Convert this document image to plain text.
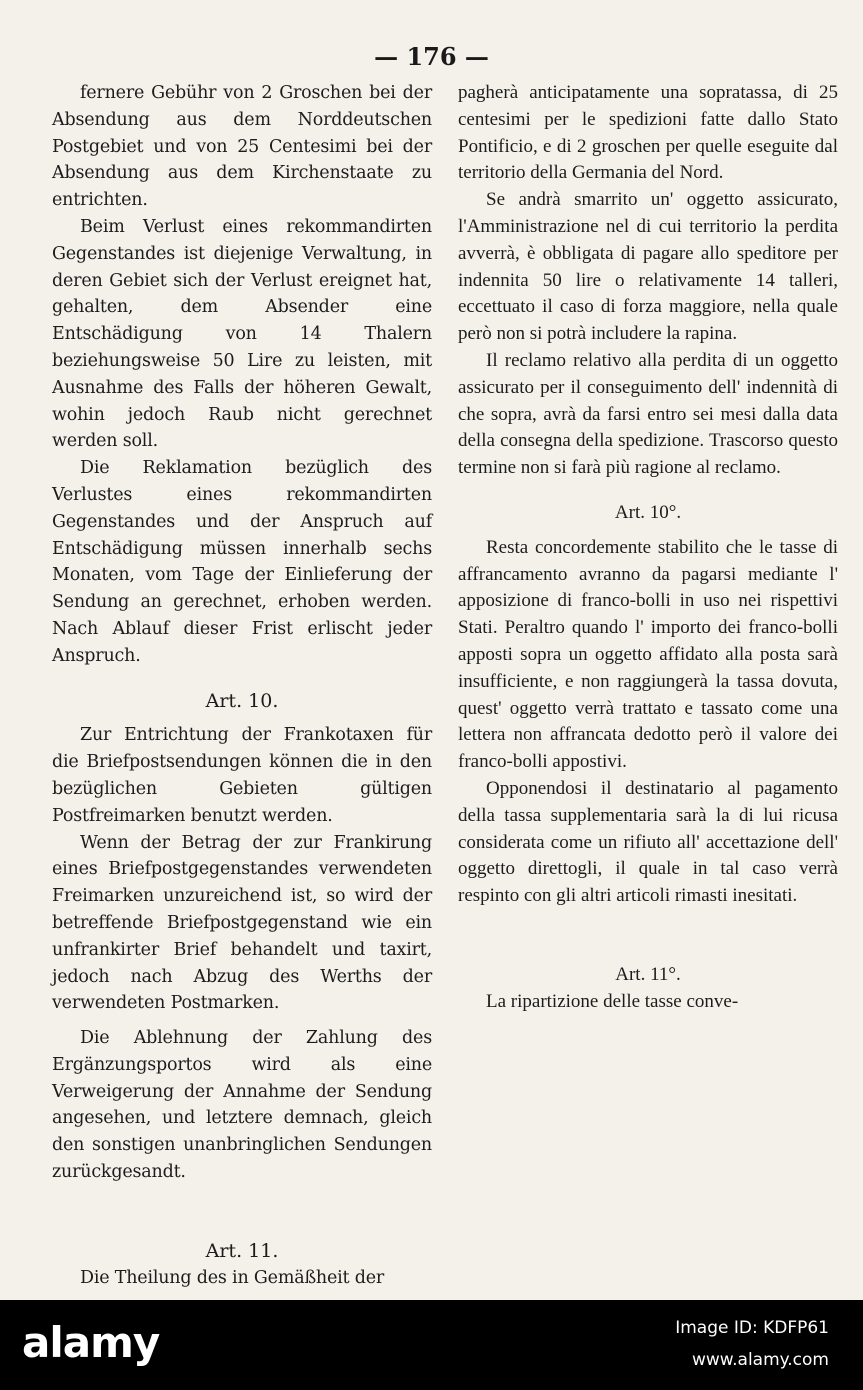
— 176 —

fernere Gebühr von 2 Groschen bei der Absendung aus dem Norddeutschen Postgebiet und von 25 Centesimi bei der Absendung aus dem Kirchenstaate zu entrichten.

Beim Verlust eines rekommandirten Gegenstandes ist diejenige Verwaltung, in deren Gebiet sich der Verlust ereignet hat, gehalten, dem Absender eine Entschädigung von 14 Thalern beziehungsweise 50 Lire zu leisten, mit Ausnahme des Falls der höheren Gewalt, wohin jedoch Raub nicht gerechnet werden soll.

Die Reklamation bezüglich des Verlustes eines rekommandirten Gegenstandes und der Anspruch auf Entschädigung müssen innerhalb sechs Monaten, vom Tage der Einlieferung der Sendung an gerechnet, erhoben werden. Nach Ablauf dieser Frist erlischt jeder Anspruch.

Art. 10.

Zur Entrichtung der Frankotaxen für die Briefpostsendungen können die in den bezüglichen Gebieten gültigen Postfreimarken benutzt werden.

Wenn der Betrag der zur Frankirung eines Briefpostgegenstandes verwendeten Freimarken unzureichend ist, so wird der betreffende Briefpostgegenstand wie ein unfrankirter Brief behandelt und taxirt, jedoch nach Abzug des Werths der verwendeten Postmarken.

Die Ablehnung der Zahlung des Ergänzungsportos wird als eine Verweigerung der Annahme der Sendung angesehen, und letztere demnach, gleich den sonstigen unanbringlichen Sendungen zurückgesandt.

Art. 11.

Die Theilung des in Gemäßheit der

pagherà anticipatamente una sopratassa, di 25 centesimi per le spedizioni fatte dallo Stato Pontificio, e di 2 groschen per quelle eseguite dal territorio della Germania del Nord.

Se andrà smarrito un' oggetto assicurato, l'Amministrazione nel di cui territorio la perdita avverrà, è obbligata di pagare allo speditore per indennita 50 lire o relativamente 14 talleri, eccettuato il caso di forza maggiore, nella quale però non si potrà includere la rapina.

Il reclamo relativo alla perdita di un oggetto assicurato per il conseguimento dell' indennità di che sopra, avrà da farsi entro sei mesi dalla data della consegna della spedizione. Trascorso questo termine non si farà più ragione al reclamo.

Art. 10°.

Resta concordemente stabilito che le tasse di affrancamento avranno da pagarsi mediante l' apposizione di franco-bolli in uso nei rispettivi Stati. Peraltro quando l' importo dei franco-bolli apposti sopra un oggetto affidato alla posta sarà insufficiente, e non raggiungerà la tassa dovuta, quest' oggetto verrà trattato e tassato come una lettera non affrancata dedotto però il valore dei franco-bolli appostivi.

Opponendosi il destinatario al pagamento della tassa supplementaria sarà la di lui ricusa considerata come un rifiuto all' accettazione dell' oggetto direttogli, il quale in tal caso verrà respinto con gli altri articoli rimasti inesitati.

Art. 11°.

La ripartizione delle tasse conve-

alamy	Image ID: KDFP61
www.alamy.com
